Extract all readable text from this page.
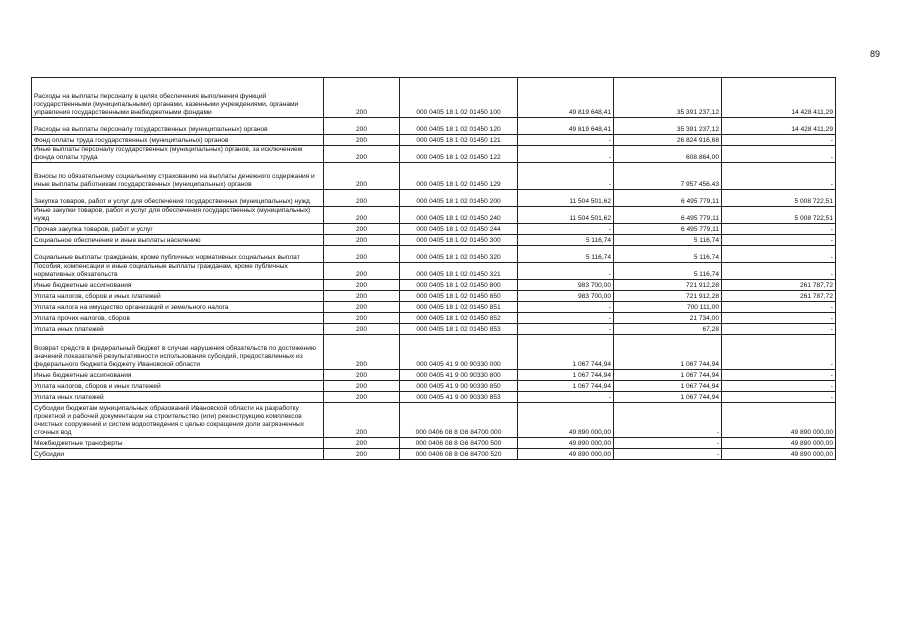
89
Расходы на выплаты персоналу в целях обеспечения выполнения функций государственными (муниципальными) органами, казенными учреждениями, органами управления государственными внебюджетными фондами	200	000 0405 18 1 02 01450 100	49 819 648,41	35 391 237,12	14 428 411,29
Расходы на выплаты персоналу государственных (муниципальных) органов	200	000 0405 18 1 02 01450 120	49 819 648,41	35 391 237,12	14 428 411,29
Фонд оплаты труда государственных (муниципальных) органов	200	000 0405 18 1 02 01450 121	-	26 824 916,68	-
Иные выплаты персоналу государственных (муниципальных) органов, за исключением фонда оплаты труда	200	000 0405 18 1 02 01450 122	-	608 864,00	-
Взносы по обязательному социальному страхованию на выплаты денежного содержания и иные выплаты работникам государственных (муниципальных) органов	200	000 0405 18 1 02 01450 129	-	7 957 456,43	-
Закупка товаров, работ и услуг для обеспечения государственных (муниципальных) нужд	200	000 0405 18 1 02 01450 200	11 504 501,62	6 495 779,11	5 008 722,51
Иные закупки товаров, работ и услуг для обеспечения государственных (муниципальных) нужд	200	000 0405 18 1 02 01450 240	11 504 501,62	6 495 779,11	5 008 722,51
Прочая закупка товаров, работ и услуг	200	000 0405 18 1 02 01450 244	-	6 495 779,11	-
Социальное обеспечение и иные выплаты населению	200	000 0405 18 1 02 01450 300	5 116,74	5 116,74	-
Социальные выплаты гражданам, кроме публичных нормативных социальных выплат	200	000 0405 18 1 02 01450 320	5 116,74	5 116,74	-
Пособия, компенсации и иные социальные выплаты гражданам, кроме публичных нормативных обязательств	200	000 0405 18 1 02 01450 321	-	5 116,74	-
Иные бюджетные ассигнования	200	000 0405 18 1 02 01450 800	983 700,00	721 912,28	261 787,72
Уплата налогов, сборов и иных платежей	200	000 0405 18 1 02 01450 850	983 700,00	721 912,28	261 787,72
Уплата налога на имущество организаций и земельного налога	200	000 0405 18 1 02 01450 851	-	700 111,00	-
Уплата прочих налогов, сборов	200	000 0405 18 1 02 01450 852	-	21 734,00	-
Уплата иных платежей	200	000 0405 18 1 02 01450 853	-	67,28	-
Возврат средств в федеральный бюджет в случае нарушения обязательств по достижению значений показателей результативности использования субсидий, предоставленных из федерального бюджета бюджету Ивановской области	200	000 0405 41 9 00 90330 000	1 067 744,94	1 067 744,94	-
Иные бюджетные ассигнования	200	000 0405 41 9 00 90330 800	1 067 744,94	1 067 744,94	-
Уплата налогов, сборов и иных платежей	200	000 0405 41 9 00 90330 850	1 067 744,94	1 067 744,94	-
Уплата иных платежей	200	000 0405 41 9 00 90330 853	-	1 067 744,94	-
Субсидии бюджетам муниципальных образований Ивановской области на разработку проектной и рабочей документации на строительство (или) реконструкцию комплексов очистных сооружений и систем водоотведения с целью сокращения доли загрязненных сточных вод	200	000 0406 08 8 G6 84700 000	49 890 000,00	-	49 890 000,00
Межбюджетные трансферты	200	000 0406 08 8 G6 84700 500	49 890 000,00	-	49 890 000,00
Субсидии	200	000 0406 08 8 G6 84700 520	49 890 000,00	-	49 890 000,00
